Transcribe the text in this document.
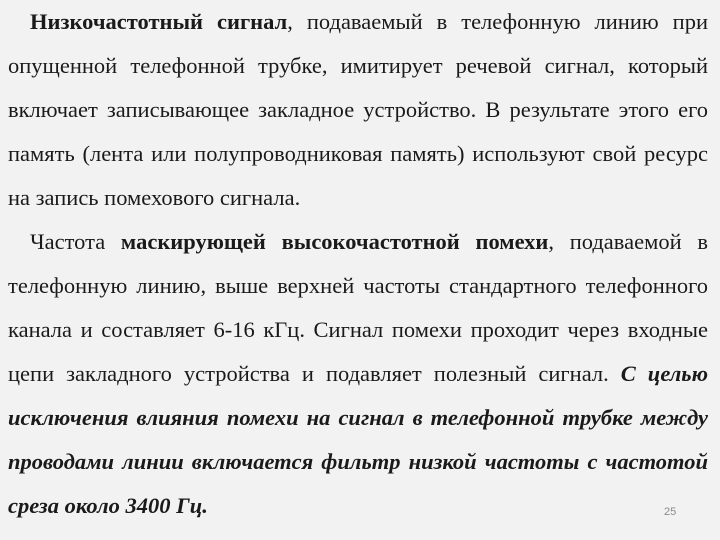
Низкочастотный сигнал, подаваемый в телефонную линию при опущенной телефонной трубке, имитирует речевой сигнал, который включает записывающее закладное устройство. В результате этого его память (лента или полупроводниковая память) используют свой ресурс на запись помехового сигнала.

Частота маскирующей высокочастотной помехи, подаваемой в телефонную линию, выше верхней частоты стандартного телефонного канала и составляет 6-16 кГц. Сигнал помехи проходит через входные цепи закладного устройства и подавляет полезный сигнал. С целью исключения влияния помехи на сигнал в телефонной трубке между проводами линии включается фильтр низкой частоты с частотой среза около 3400 Гц.	25
